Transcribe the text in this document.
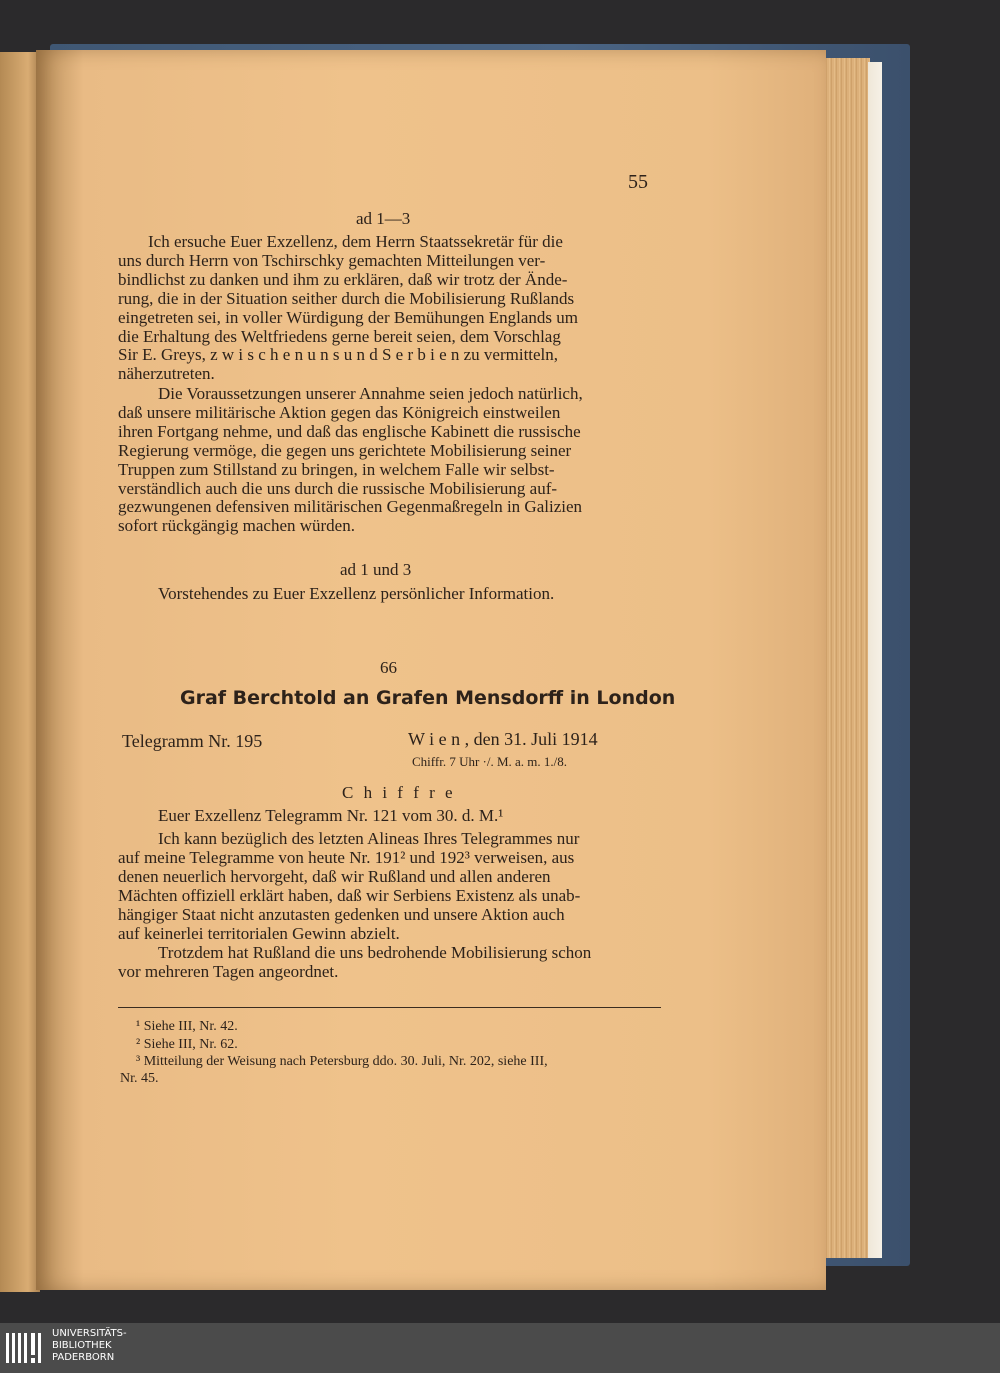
55
ad 1—3
Ich ersuche Euer Exzellenz, dem Herrn Staatssekretär für die
uns durch Herrn von Tschirschky gemachten Mitteilungen ver-
bindlichst zu danken und ihm zu erklären, daß wir trotz der Ände-
rung, die in der Situation seither durch die Mobilisierung Rußlands
eingetreten sei, in voller Würdigung der Bemühungen Englands um
die Erhaltung des Weltfriedens gerne bereit seien, dem Vorschlag
Sir E. Greys, z w i s c h e n u n s u n d S e r b i e n zu vermitteln,
näherzutreten.
Die Voraussetzungen unserer Annahme seien jedoch natürlich,
daß unsere militärische Aktion gegen das Königreich einstweilen
ihren Fortgang nehme, und daß das englische Kabinett die russische
Regierung vermöge, die gegen uns gerichtete Mobilisierung seiner
Truppen zum Stillstand zu bringen, in welchem Falle wir selbst-
verständlich auch die uns durch die russische Mobilisierung auf-
gezwungenen defensiven militärischen Gegenmaßregeln in Galizien
sofort rückgängig machen würden.
ad 1 und 3
Vorstehendes zu Euer Exzellenz persönlicher Information.
66
Graf Berchtold an Grafen Mensdorff in London
Telegramm Nr. 195	W i e n , den 31. Juli 1914
Chiffr. 7 Uhr ·/. M. a. m. 1./8.
C h i f f r e
Euer Exzellenz Telegramm Nr. 121 vom 30. d. M.¹
Ich kann bezüglich des letzten Alineas Ihres Telegrammes nur
auf meine Telegramme von heute Nr. 191² und 192³ verweisen, aus
denen neuerlich hervorgeht, daß wir Rußland und allen anderen
Mächten offiziell erklärt haben, daß wir Serbiens Existenz als unab-
hängiger Staat nicht anzutasten gedenken und unsere Aktion auch
auf keinerlei territorialen Gewinn abzielt.
Trotzdem hat Rußland die uns bedrohende Mobilisierung schon
vor mehreren Tagen angeordnet.
¹ Siehe III, Nr. 42.
² Siehe III, Nr. 62.
³ Mitteilung der Weisung nach Petersburg ddo. 30. Juli, Nr. 202, siehe III,
Nr. 45.
UNIVERSITÄTS-
BIBLIOTHEK
PADERBORN
